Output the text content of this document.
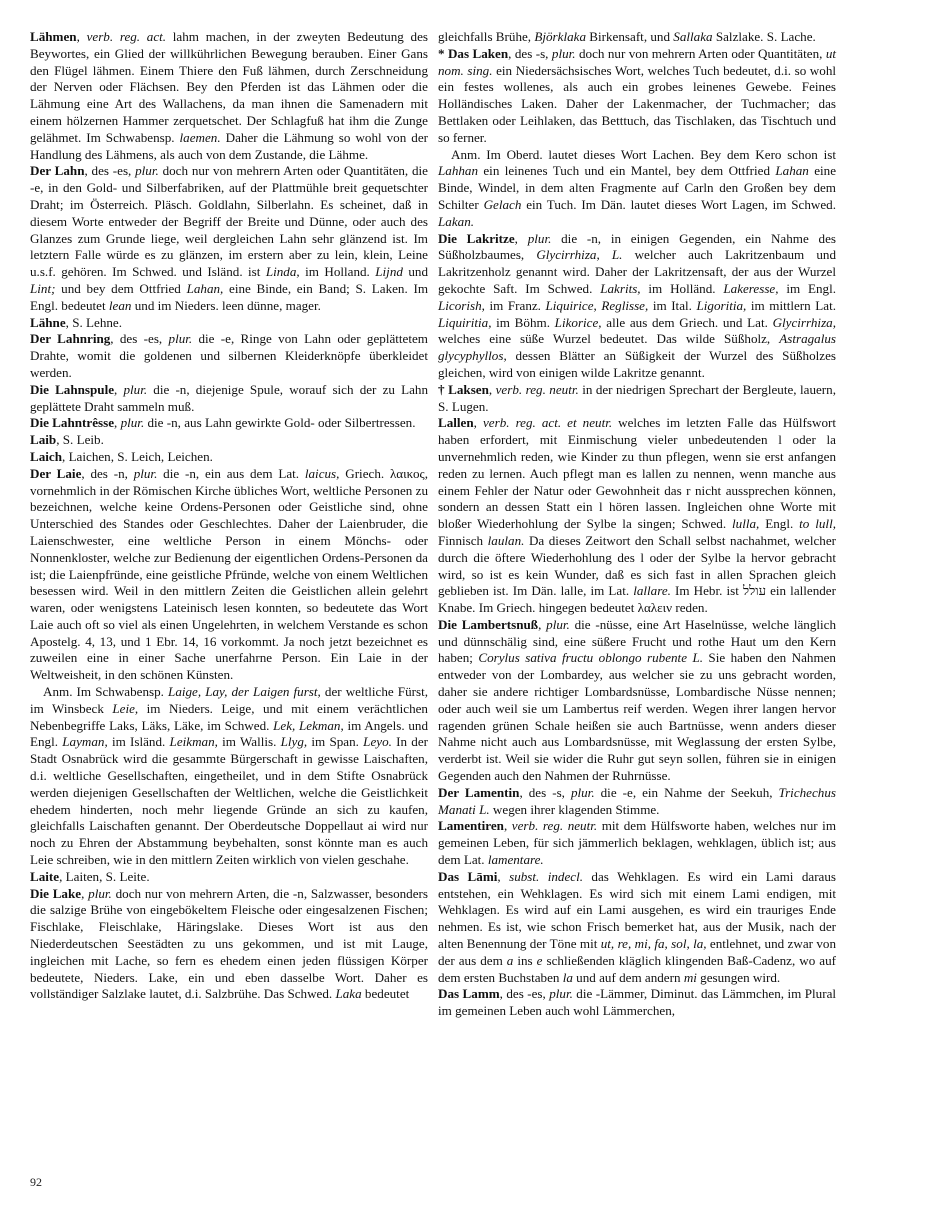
Lähmen, verb. reg. act. lahm machen, in der zweyten Bedeutung des Beywortes, ein Glied der willkührlichen Bewegung berauben. Einer Gans den Flügel lähmen. Einem Thiere den Fuß lähmen, durch Zerschneidung der Nerven oder Flächsen. Bey den Pferden ist das Lähmen oder die Lähmung eine Art des Wallachens, da man ihnen die Samenadern mit einem hölzernen Hammer zerquetschet. Der Schlagfuß hat ihm die Zunge gelähmet. Im Schwabensp. laemen. Daher die Lähmung so wohl von der Handlung des Lähmens, als auch von dem Zustande, die Lähme.

Der Lahn, des -es, plur. doch nur von mehrern Arten oder Quantitäten, die -e, in den Gold- und Silberfabriken, auf der Plattmühle breit gequetschter Draht; im Österreich. Pläsch. Goldlahn, Silberlahn. Es scheinet, daß in diesem Worte entweder der Begriff der Breite und Dünne, oder auch des Glanzes zum Grunde liege, weil dergleichen Lahn sehr glänzend ist. Im letztern Falle würde es zu glänzen, im erstern aber zu lein, klein, Leine u.s.f. gehören. Im Schwed. und Isländ. ist Linda, im Holland. Lijnd und Lint; und bey dem Ottfried Lahan, eine Binde, ein Band; S. Laken. Im Engl. bedeutet lean und im Nieders. leen dünne, mager.

Lähne, S. Lehne.

Der Lahnring, des -es, plur. die -e, Ringe von Lahn oder geplättetem Drahte, womit die goldenen und silbernen Kleiderknöpfe überkleidet werden.

Die Lahnspule, plur. die -n, diejenige Spule, worauf sich der zu Lahn geplättete Draht sammeln muß.

Die Lahntrêsse, plur. die -n, aus Lahn gewirkte Gold- oder Silbertressen.

Laib, S. Leib.

Laich, Laichen, S. Leich, Leichen.

Der Laie, des -n, plur. die -n, ein aus dem Lat. laicus, Griech. λαικος, vornehmlich in der Römischen Kirche übliches Wort, weltliche Personen zu bezeichnen, welche keine Ordens-Personen oder Geistliche sind, ohne Unterschied des Standes oder Geschlechtes. Daher der Laienbruder, die Laienschwester, eine weltliche Person in einem Mönchs- oder Nonnenkloster, welche zur Bedienung der eigentlichen Ordens-Personen da ist; die Laienpfründe, eine geistliche Pfründe, welche von einem Weltlichen besessen wird. Weil in den mittlern Zeiten die Geistlichen allein gelehrt waren, oder wenigstens Lateinisch lesen konnten, so bedeutete das Wort Laie auch oft so viel als einen Ungelehrten, in welchem Verstande es schon Apostelg. 4, 13, und 1 Ebr. 14, 16 vorkommt. Ja noch jetzt bezeichnet es zuweilen eine in einer Sache unerfahrne Person. Ein Laie in der Weltweisheit, in den schönen Künsten.

Anm. Im Schwabensp. Laige, Lay, der Laigen furst, der weltliche Fürst, im Winsbeck Leie, im Nieders. Leige, und mit einem verächtlichen Nebenbegriffe Laks, Läks, Läke, im Schwed. Lek, Lekman, im Angels. und Engl. Layman, im Isländ. Leikman, im Wallis. Llyg, im Span. Leyo. In der Stadt Osnabrück wird die gesammte Bürgerschaft in gewisse Laischaften, d.i. weltliche Gesellschaften, eingetheilet, und in dem Stifte Osnabrück werden diejenigen Gesellschaften der Weltlichen, welche die Geistlichkeit ehedem hinderten, noch mehr liegende Gründe an sich zu kaufen, gleichfalls Laischaften genannt. Der Oberdeutsche Doppellaut ai wird nur noch zu Ehren der Abstammung beybehalten, sonst könnte man es auch Leie schreiben, wie in den mittlern Zeiten wirklich von vielen geschahe.

Laite, Laiten, S. Leite.

Die Lake, plur. doch nur von mehrern Arten, die -n, Salzwasser, besonders die salzige Brühe von eingebökeltem Fleische oder eingesalzenen Fischen; Fischlake, Fleischlake, Häringslake. Dieses Wort ist aus den Niederdeutschen Seestädten zu uns gekommen, und ist mit Lauge, ingleichen mit Lache, so fern es ehedem einen jeden flüssigen Körper bedeutete, Nieders. Lake, ein und eben dasselbe Wort. Daher es vollständiger Salzlake lautet, d.i. Salzbrühe. Das Schwed. Laka bedeutet

gleichfalls Brühe, Björklaka Birkensaft, und Sallaka Salzlake. S. Lache.

* Das Laken, des -s, plur. doch nur von mehrern Arten oder Quantitäten, ut nom. sing. ein Niedersächsisches Wort, welches Tuch bedeutet, d.i. so wohl ein festes wollenes, als auch ein grobes leinenes Gewebe. Feines Holländisches Laken. Daher der Lakenmacher, der Tuchmacher; das Bettlaken oder Leihlaken, das Betttuch, das Tischlaken, das Tischtuch und so ferner.

Anm. Im Oberd. lautet dieses Wort Lachen. Bey dem Kero schon ist Lahhan ein leinenes Tuch und ein Mantel, bey dem Ottfried Lahan eine Binde, Windel, in dem alten Fragmente auf Carln den Großen bey dem Schilter Gelach ein Tuch. Im Dän. lautet dieses Wort Lagen, im Schwed. Lakan.

Die Lakritze, plur. die -n, in einigen Gegenden, ein Nahme des Süßholzbaumes, Glycirrhiza, L. welcher auch Lakritzenbaum und Lakritzenholz genannt wird. Daher der Lakritzensaft, der aus der Wurzel gekochte Saft. Im Schwed. Lakrits, im Holländ. Lakeresse, im Engl. Licorish, im Franz. Liquirice, Reglisse, im Ital. Ligoritia, im mittlern Lat. Liquiritia, im Böhm. Likorice, alle aus dem Griech. und Lat. Glycirrhiza, welches eine süße Wurzel bedeutet. Das wilde Süßholz, Astragalus glycyphyllos, dessen Blätter an Süßigkeit der Wurzel des Süßholzes gleichen, wird von einigen wilde Lakritze genannt.

† Laksen, verb. reg. neutr. in der niedrigen Sprechart der Bergleute, lauern, S. Lugen.

Lallen, verb. reg. act. et neutr. welches im letzten Falle das Hülfswort haben erfordert, mit Einmischung vieler unbedeutenden l oder la unvernehmlich reden, wie Kinder zu thun pflegen, wenn sie erst anfangen reden zu lernen. Auch pflegt man es lallen zu nennen, wenn manche aus einem Fehler der Natur oder Gewohnheit das r nicht aussprechen können, sondern an dessen Statt ein l hören lassen. Ingleichen ohne Worte mit bloßer Wiederhohlung der Sylbe la singen; Schwed. lulla, Engl. to lull, Finnisch laulan. Da dieses Zeitwort den Schall selbst nachahmet, welcher durch die öftere Wiederhohlung des l oder der Sylbe la hervor gebracht wird, so ist es kein Wunder, daß es sich fast in allen Sprachen gleich geblieben ist. Im Dän. lalle, im Lat. lallare. Im Hebr. ist עולל ein lallender Knabe. Im Griech. hingegen bedeutet λαλειν reden.

Die Lambertsnuß, plur. die -nüsse, eine Art Haselnüsse, welche länglich und dünnschälig sind, eine süßere Frucht und rothe Haut um den Kern haben; Corylus sativa fructu oblongo rubente L. Sie haben den Nahmen entweder von der Lombardey, aus welcher sie zu uns gebracht worden, daher sie andere richtiger Lombardsnüsse, Lombardische Nüsse nennen; oder auch weil sie um Lambertus reif werden. Wegen ihrer langen hervor ragenden grünen Schale heißen sie auch Bartnüsse, wenn anders dieser Nahme nicht auch aus Lombardsnüsse, mit Weglassung der ersten Sylbe, verderbt ist. Weil sie wider die Ruhr gut seyn sollen, führen sie in einigen Gegenden auch den Nahmen der Ruhrnüsse.

Der Lamentin, des -s, plur. die -e, ein Nahme der Seekuh, Trichechus Manati L. wegen ihrer klagenden Stimme.

Lamentiren, verb. reg. neutr. mit dem Hülfsworte haben, welches nur im gemeinen Leben, für sich jämmerlich beklagen, wehklagen, üblich ist; aus dem Lat. lamentare.

Das Lāmi, subst. indecl. das Wehklagen. Es wird ein Lami daraus entstehen, ein Wehklagen. Es wird sich mit einem Lami endigen, mit Wehklagen. Es wird auf ein Lami ausgehen, es wird ein trauriges Ende nehmen. Es ist, wie schon Frisch bemerket hat, aus der Musik, nach der alten Benennung der Töne mit ut, re, mi, fa, sol, la, entlehnet, und zwar von der aus dem a ins e schließenden kläglich klingenden Baß-Cadenz, wo auf dem ersten Buchstaben la und auf dem andern mi gesungen wird.

Das Lamm, des -es, plur. die -Lämmer, Diminut. das Lämmchen, im Plural im gemeinen Leben auch wohl Lämmerchen,

92
